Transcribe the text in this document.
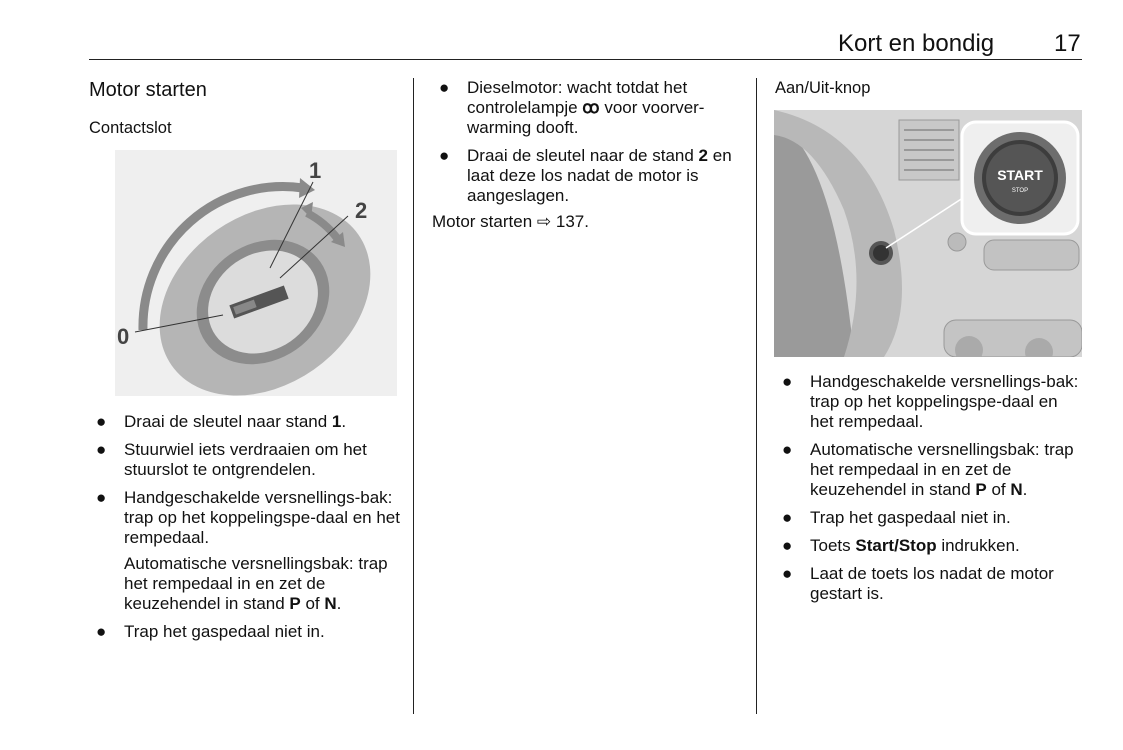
Kort en bondig 17
Motor starten
Contactslot
1
2
0
● Draai de sleutel naar stand 1.
● Stuurwiel iets verdraaien om het stuurslot te ontgrendelen.
● Handgeschakelde versnellings-bak: trap op het koppelingspe-daal en het rempedaal.

Automatische versnellingsbak: trap het rempedaal in en zet de keuzehendel in stand P of N.

● Trap het gaspedaal niet in.
● Dieselmotor: wacht totdat het controlelampje ꝏ voor voorver-warming dooft.
● Draai de sleutel naar de stand 2 en laat deze los nadat de motor is aangeslagen.

Motor starten ⇨ 137.

Aan/Uit-knop
START
STOP
● Handgeschakelde versnellings-bak: trap op het koppelingspe-daal en het rempedaal.
● Automatische versnellingsbak: trap het rempedaal in en zet de keuzehendel in stand P of N.
● Trap het gaspedaal niet in.
● Toets Start/Stop indrukken.
● Laat de toets los nadat de motor gestart is.
